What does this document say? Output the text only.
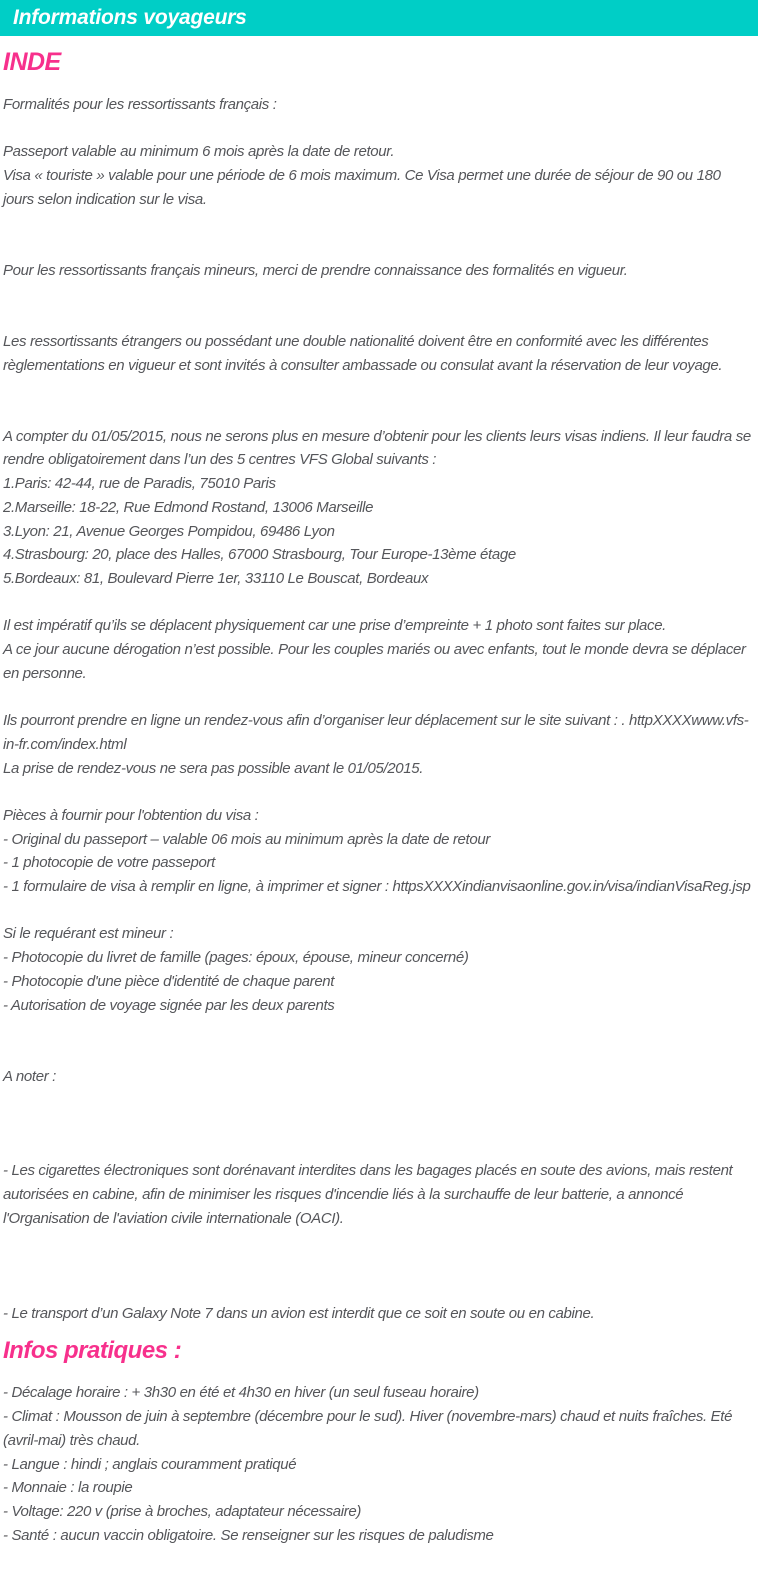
Informations voyageurs
INDE
Formalités pour les ressortissants français :
Passeport valable au minimum 6 mois après la date de retour.
Visa « touriste » valable pour une période de 6 mois maximum. Ce Visa permet une durée de séjour de 90 ou 180 jours selon indication sur le visa.
Pour les ressortissants français mineurs, merci de prendre connaissance des formalités en vigueur.
Les ressortissants étrangers ou possédant une double nationalité doivent être en conformité avec les différentes règlementations en vigueur et sont invités à consulter ambassade ou consulat avant la réservation de leur voyage.
A compter du 01/05/2015, nous ne serons plus en mesure d’obtenir pour les clients leurs visas indiens. Il leur faudra se rendre obligatoirement dans l’un des 5 centres VFS Global suivants :
1.Paris: 42-44, rue de Paradis, 75010 Paris
2.Marseille: 18-22, Rue Edmond Rostand, 13006 Marseille
3.Lyon: 21, Avenue Georges Pompidou, 69486 Lyon
4.Strasbourg: 20, place des Halles, 67000 Strasbourg, Tour Europe-13ème étage
5.Bordeaux: 81, Boulevard Pierre 1er, 33110 Le Bouscat, Bordeaux
Il est impératif qu’ils se déplacent physiquement car une prise d’empreinte + 1 photo sont faites sur place.
A ce jour aucune dérogation n’est possible. Pour les couples mariés ou avec enfants, tout le monde devra se déplacer en personne.
Ils pourront prendre en ligne un rendez-vous afin d’organiser leur déplacement sur le site suivant : . httpXXXXwww.vfs-in-fr.com/index.html
La prise de rendez-vous ne sera pas possible avant le 01/05/2015.
Pièces à fournir pour l'obtention du visa :
- Original du passeport – valable 06 mois au minimum après la date de retour
- 1 photocopie de votre passeport
- 1 formulaire de visa à remplir en ligne, à imprimer et signer : httpsXXXXindianvisaonline.gov.in/visa/indianVisaReg.jsp
Si le requérant est mineur :
- Photocopie du livret de famille (pages: époux, épouse, mineur concerné)
- Photocopie d'une pièce d'identité de chaque parent
- Autorisation de voyage signée par les deux parents
A noter :
- Les cigarettes électroniques sont dorénavant interdites dans les bagages placés en soute des avions, mais restent autorisées en cabine, afin de minimiser les risques d'incendie liés à la surchauffe de leur batterie, a annoncé l'Organisation de l'aviation civile internationale (OACI).
- Le transport d’un Galaxy Note 7 dans un avion est interdit que ce soit en soute ou en cabine.
Infos pratiques :
- Décalage horaire : + 3h30 en été et 4h30 en hiver (un seul fuseau horaire)
- Climat : Mousson de juin à septembre (décembre pour le sud). Hiver (novembre-mars) chaud et nuits fraîches. Eté (avril-mai) très chaud.
- Langue : hindi ; anglais couramment pratiqué
- Monnaie : la roupie
- Voltage: 220 v (prise à broches, adaptateur nécessaire)
- Santé : aucun vaccin obligatoire. Se renseigner sur les risques de paludisme
